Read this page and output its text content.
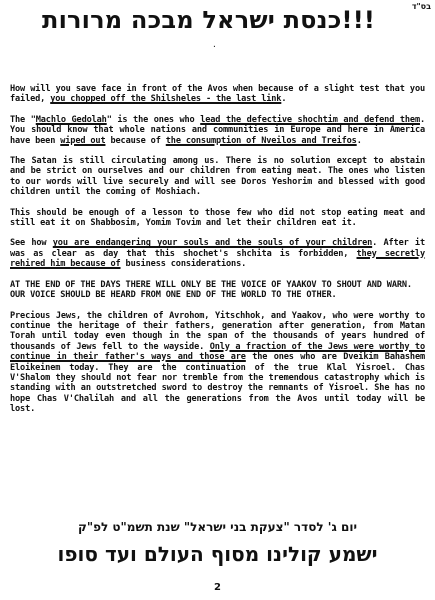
בס"ד
!!!כנסת ישראל מבכה מרורות
·

How will you save face in front of the Avos when because of a slight test that you failed, you chopped off the Shilsheles - the last link.

The "Machlo Gedolah" is the ones who lead the defective shochtim and defend them. You should know that whole nations and communities in Europe and here in America have been wiped out because of the consumption of Nveilos and Treifos.

The Satan is still circulating among us. There is no solution except to abstain and be strict on ourselves and our children from eating meat. The ones who listen to our words will live securely and will see Doros Yeshorim and blessed with good children until the coming of Moshiach.

This should be enough of a lesson to those few who did not stop eating meat and still eat it on Shabbosim, Yomim Tovim and let their children eat it.

See how you are endangering your souls and the souls of your children. After it was as clear as day that this shochet's shchita is forbidden, they secretly rehired him because of business considerations.

AT THE END OF THE DAYS THERE WILL ONLY BE THE VOICE OF YAAKOV TO SHOUT AND WARN.

OUR VOICE SHOULD BE HEARD FROM ONE END OF THE WORLD TO THE OTHER.

Precious Jews, the children of Avrohom, Yitschhok, and Yaakov, who were worthy to continue the heritage of their fathers, generation after generation, from Matan Torah until today even though in the span of the thousands of years hundred of thousands of Jews fell to the wayside. Only a fraction of the Jews were worthy to continue in their father's ways and those are the ones who are Dveikim Bahashem Eloikeinem today. They are the continuation of the true Klal Yisroel. Chas V'Shalom they should not fear nor tremble from the tremendous catastrophy which is standing with an outstretched sword to destroy the remnants of Yisroel. She has no hope Chas V'Chalilah and all the generations from the Avos until today will be lost.

יום ג' לסדר "צעקת בני ישראל" שנת תשמ"ט לפ"ק
ישמע קולינו מסוף העולם ועד סופו
2
